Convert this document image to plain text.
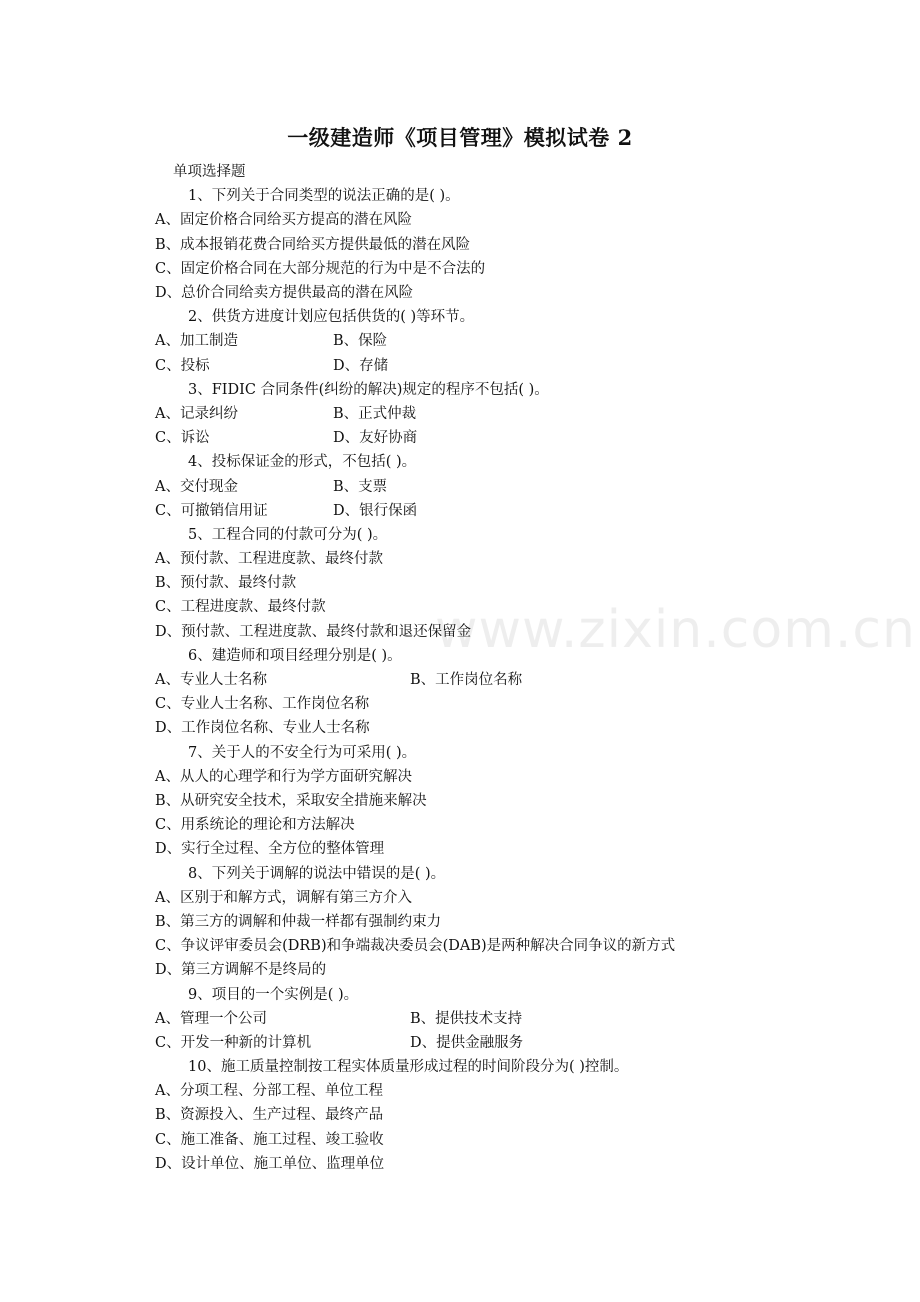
一级建造师《项目管理》模拟试卷 2
单项选择题
1、下列关于合同类型的说法正确的是( )。
A、固定价格合同给买方提高的潜在风险
B、成本报销花费合同给买方提供最低的潜在风险
C、固定价格合同在大部分规范的行为中是不合法的
D、总价合同给卖方提供最高的潜在风险
2、供货方进度计划应包括供货的( )等环节。
A、加工制造	B、保险
C、投标	D、存储
3、FIDIC 合同条件(纠纷的解决)规定的程序不包括( )。
A、记录纠纷	B、正式仲裁
C、诉讼	D、友好协商
4、投标保证金的形式，不包括( )。
A、交付现金	B、支票
C、可撤销信用证	D、银行保函
5、工程合同的付款可分为( )。
A、预付款、工程进度款、最终付款
B、预付款、最终付款
C、工程进度款、最终付款
D、预付款、工程进度款、最终付款和退还保留金
6、建造师和项目经理分别是( )。
A、专业人士名称	B、工作岗位名称
C、专业人士名称、工作岗位名称
D、工作岗位名称、专业人士名称
7、关于人的不安全行为可采用( )。
A、从人的心理学和行为学方面研究解决
B、从研究安全技术，采取安全措施来解决
C、用系统论的理论和方法解决
D、实行全过程、全方位的整体管理
8、下列关于调解的说法中错误的是( )。
A、区别于和解方式，调解有第三方介入
B、第三方的调解和仲裁一样都有强制约束力
C、争议评审委员会(DRB)和争端裁决委员会(DAB)是两种解决合同争议的新方式
D、第三方调解不是终局的
9、项目的一个实例是( )。
A、管理一个公司	B、提供技术支持
C、开发一种新的计算机	D、提供金融服务
10、施工质量控制按工程实体质量形成过程的时间阶段分为( )控制。
A、分项工程、分部工程、单位工程
B、资源投入、生产过程、最终产品
C、施工准备、施工过程、竣工验收
D、设计单位、施工单位、监理单位
www.zixin.com.cn
